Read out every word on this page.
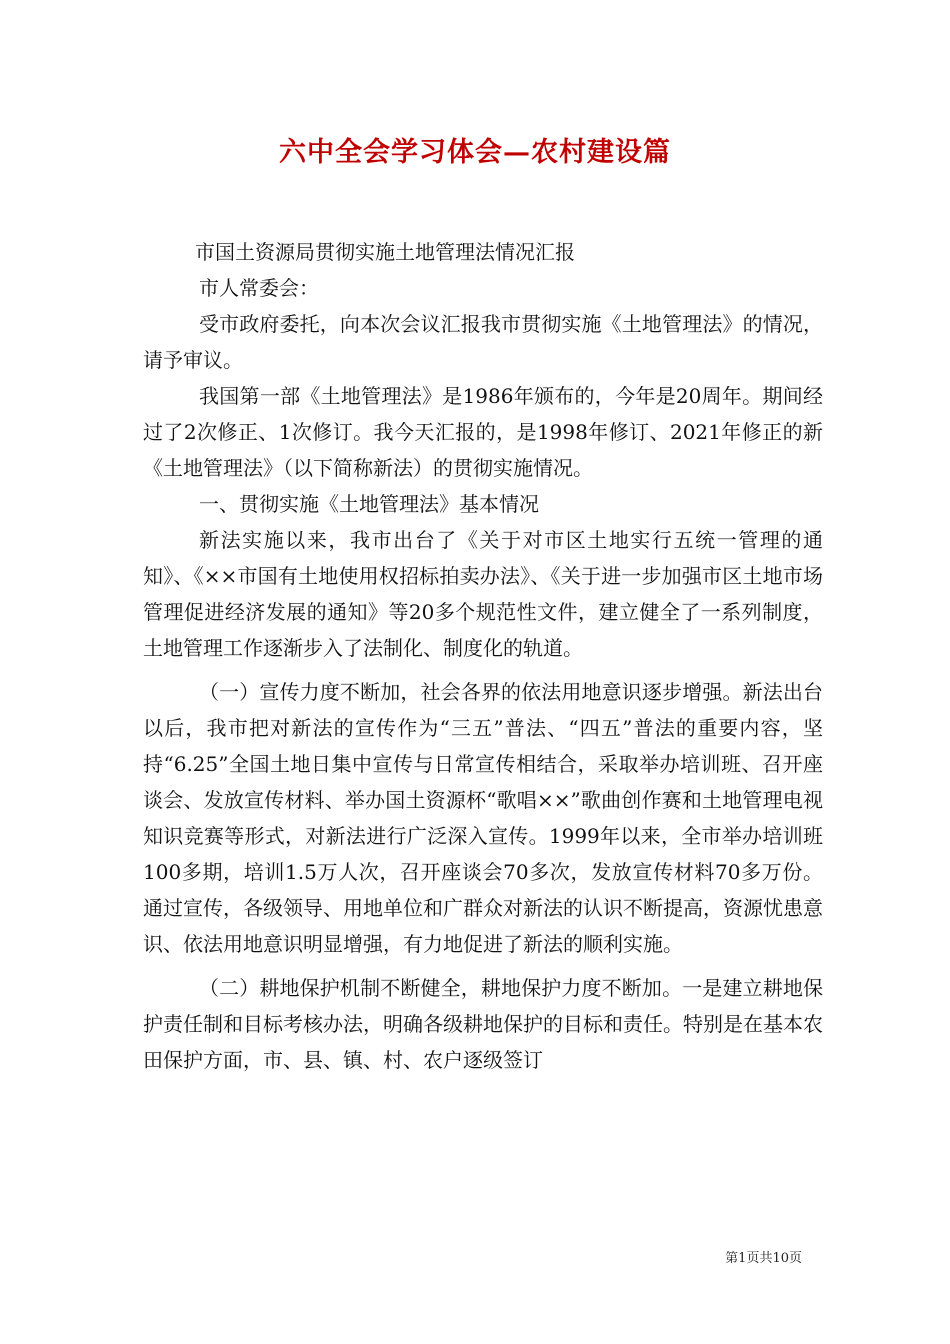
六中全会学习体会—农村建设篇

市国土资源局贯彻实施土地管理法情况汇报

市人常委会：

受市政府委托，向本次会议汇报我市贯彻实施《土地管理法》的情况，请予审议。

我国第一部《土地管理法》是1986年颁布的，今年是20周年。期间经过了2次修正、1次修订。我今天汇报的，是1998年修订、2021年修正的新《土地管理法》（以下简称新法）的贯彻实施情况。

一、贯彻实施《土地管理法》基本情况

新法实施以来，我市出台了《关于对市区土地实行五统一管理的通知》、《××市国有土地使用权招标拍卖办法》、《关于进一步加强市区土地市场管理促进经济发展的通知》等20多个规范性文件，建立健全了一系列制度，土地管理工作逐渐步入了法制化、制度化的轨道。

（一）宣传力度不断加，社会各界的依法用地意识逐步增强。新法出台以后，我市把对新法的宣传作为“三五”普法、“四五”普法的重要内容，坚持“6.25”全国土地日集中宣传与日常宣传相结合，采取举办培训班、召开座谈会、发放宣传材料、举办国土资源杯“歌唱××”歌曲创作赛和土地管理电视知识竞赛等形式，对新法进行广泛深入宣传。1999年以来，全市举办培训班100多期，培训1.5万人次，召开座谈会70多次，发放宣传材料70多万份。通过宣传，各级领导、用地单位和广群众对新法的认识不断提高，资源忧患意识、依法用地意识明显增强，有力地促进了新法的顺利实施。

（二）耕地保护机制不断健全，耕地保护力度不断加。一是建立耕地保护责任制和目标考核办法，明确各级耕地保护的目标和责任。特别是在基本农田保护方面，市、县、镇、村、农户逐级签订

第1页共10页
